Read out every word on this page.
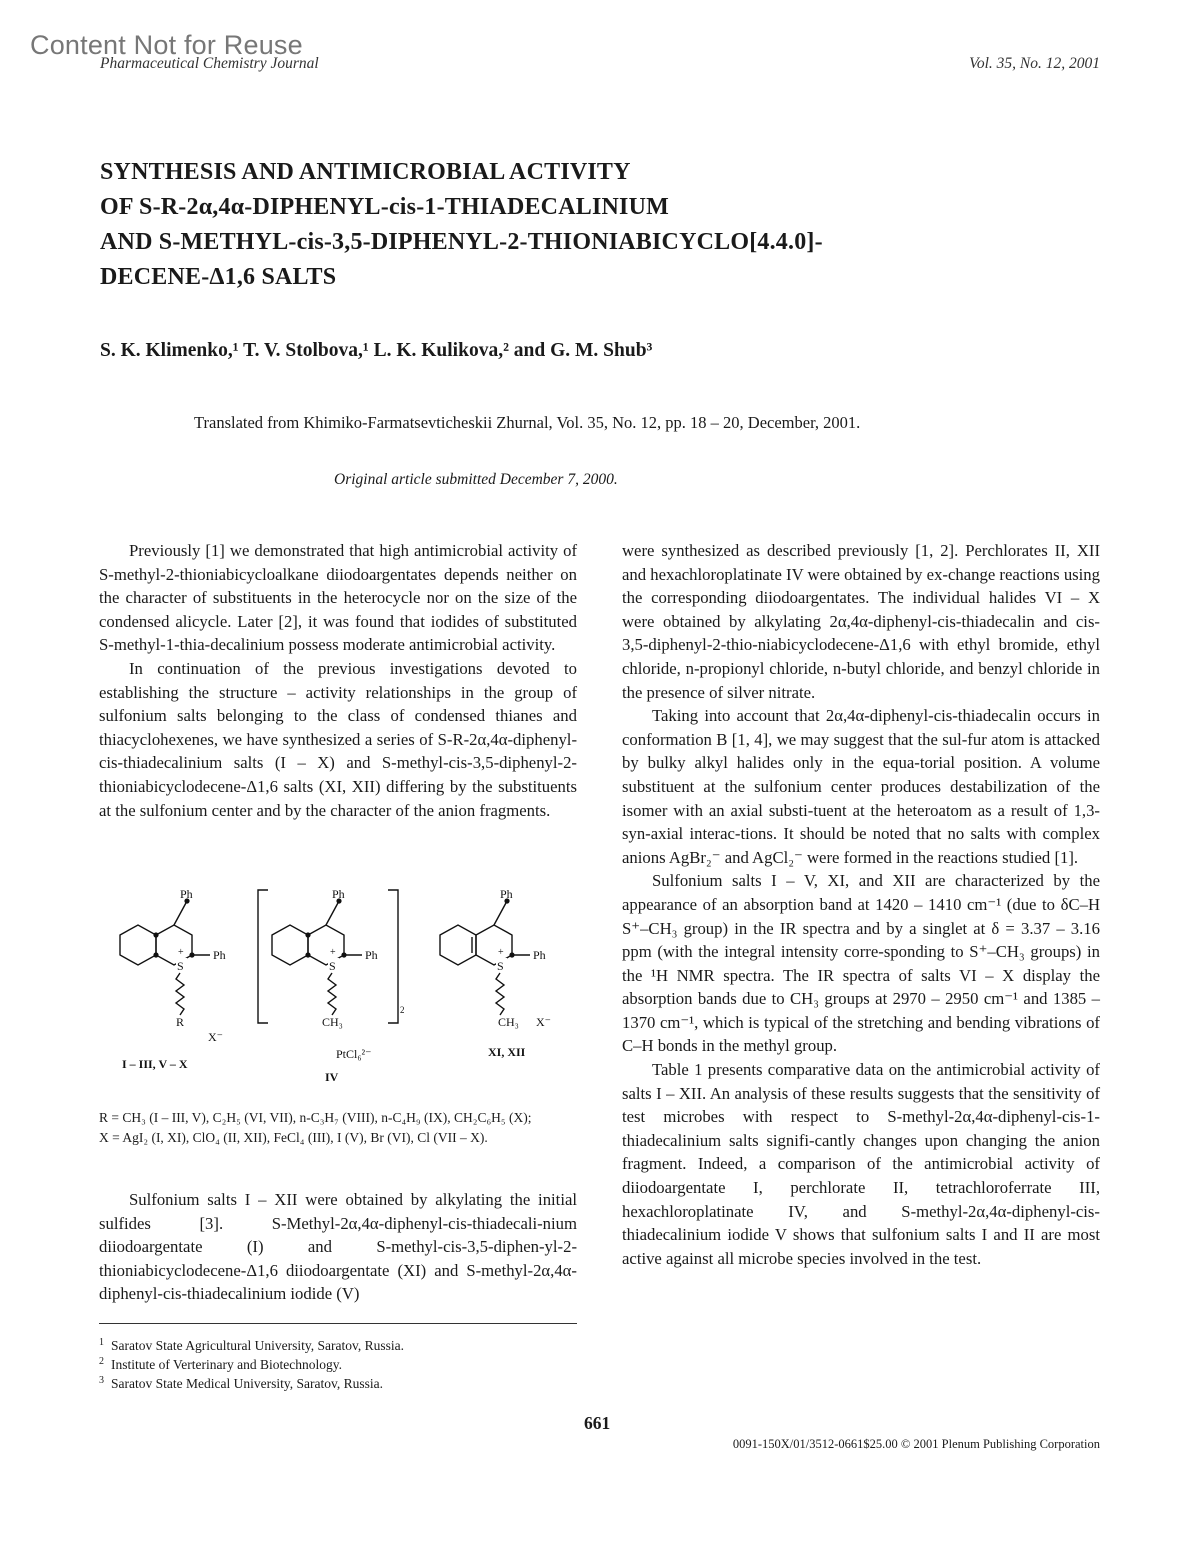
Content Not for Reuse
Pharmaceutical Chemistry Journal	Vol. 35, No. 12, 2001
SYNTHESIS AND ANTIMICROBIAL ACTIVITY
OF S-R-2α,4α-DIPHENYL-cis-1-THIADECALINIUM
AND S-METHYL-cis-3,5-DIPHENYL-2-THIONIABICYCLO[4.4.0]-
DECENE-Δ1,6 SALTS
S. K. Klimenko,¹ T. V. Stolbova,¹ L. K. Kulikova,² and G. M. Shub³
Translated from Khimiko-Farmatsevticheskii Zhurnal, Vol. 35, No. 12, pp. 18 – 20, December, 2001.
Original article submitted December 7, 2000.

Previously [1] we demonstrated that high antimicrobial activity of S-methyl-2-thioniabicycloalkane diiodoargentates depends neither on the character of substituents in the heterocycle nor on the size of the condensed alicycle. Later [2], it was found that iodides of substituted S-methyl-1-thia-decalinium possess moderate antimicrobial activity.

In continuation of the previous investigations devoted to establishing the structure – activity relationships in the group of sulfonium salts belonging to the class of condensed thianes and thiacyclohexenes, we have synthesized a series of S-R-2α,4α-diphenyl-cis-thiadecalinium salts (I – X) and S-methyl-cis-3,5-diphenyl-2-thioniabicyclodecene-Δ1,6 salts (XI, XII) differing by the substituents at the sulfonium center and by the character of the anion fragments.

Ph
Ph
S
+
R
X⁻
I – III, V – X
Ph
Ph
S
+
CH₃
2
PtCl₆²⁻
IV
Ph
Ph
S
+
CH₃ X⁻
XI, XII

R = CH₃ (I – III, V), C₂H₅ (VI, VII), n-C₃H₇ (VIII), n-C₄H₉ (IX), CH₂C₆H₅ (X);

X = AgI₂ (I, XI), ClO₄ (II, XII), FeCl₄ (III), I (V), Br (VI), Cl (VII – X).

Sulfonium salts I – XII were obtained by alkylating the initial sulfides [3]. S-Methyl-2α,4α-diphenyl-cis-thiadecali-nium diiodoargentate (I) and S-methyl-cis-3,5-diphen-yl-2-thioniabicyclodecene-Δ1,6 diiodoargentate (XI) and S-methyl-2α,4α-diphenyl-cis-thiadecalinium iodide (V)

1 Saratov State Agricultural University, Saratov, Russia.
2 Institute of Verterinary and Biotechnology.
3 Saratov State Medical University, Saratov, Russia.

were synthesized as described previously [1, 2]. Perchlorates II, XII and hexachloroplatinate IV were obtained by ex-change reactions using the corresponding diiodoargentates. The individual halides VI – X were obtained by alkylating 2α,4α-diphenyl-cis-thiadecalin and cis-3,5-diphenyl-2-thio-niabicyclodecene-Δ1,6 with ethyl bromide, ethyl chloride, n-propionyl chloride, n-butyl chloride, and benzyl chloride in the presence of silver nitrate.

Taking into account that 2α,4α-diphenyl-cis-thiadecalin occurs in conformation B [1, 4], we may suggest that the sul-fur atom is attacked by bulky alkyl halides only in the equa-torial position. A volume substituent at the sulfonium center produces destabilization of the isomer with an axial substi-tuent at the heteroatom as a result of 1,3-syn-axial interac-tions. It should be noted that no salts with complex anions AgBr₂⁻ and AgCl₂⁻ were formed in the reactions studied [1].

Sulfonium salts I – V, XI, and XII are characterized by the appearance of an absorption band at 1420 – 1410 cm⁻¹ (due to δC–H S⁺–CH₃ group) in the IR spectra and by a singlet at δ = 3.37 – 3.16 ppm (with the integral intensity corre-sponding to S⁺–CH₃ groups) in the ¹H NMR spectra. The IR spectra of salts VI – X display the absorption bands due to CH₃ groups at 2970 – 2950 cm⁻¹ and 1385 – 1370 cm⁻¹, which is typical of the stretching and bending vibrations of C–H bonds in the methyl group.

Table 1 presents comparative data on the antimicrobial activity of salts I – XII. An analysis of these results suggests that the sensitivity of test microbes with respect to S-methyl-2α,4α-diphenyl-cis-1-thiadecalinium salts signifi-cantly changes upon changing the anion fragment. Indeed, a comparison of the antimicrobial activity of diiodoargentate I, perchlorate II, tetrachloroferrate III, hexachloroplatinate IV, and S-methyl-2α,4α-diphenyl-cis-thiadecalinium iodide V shows that sulfonium salts I and II are most active against all microbe species involved in the test.

661
0091-150X/01/3512-0661$25.00 © 2001 Plenum Publishing Corporation
